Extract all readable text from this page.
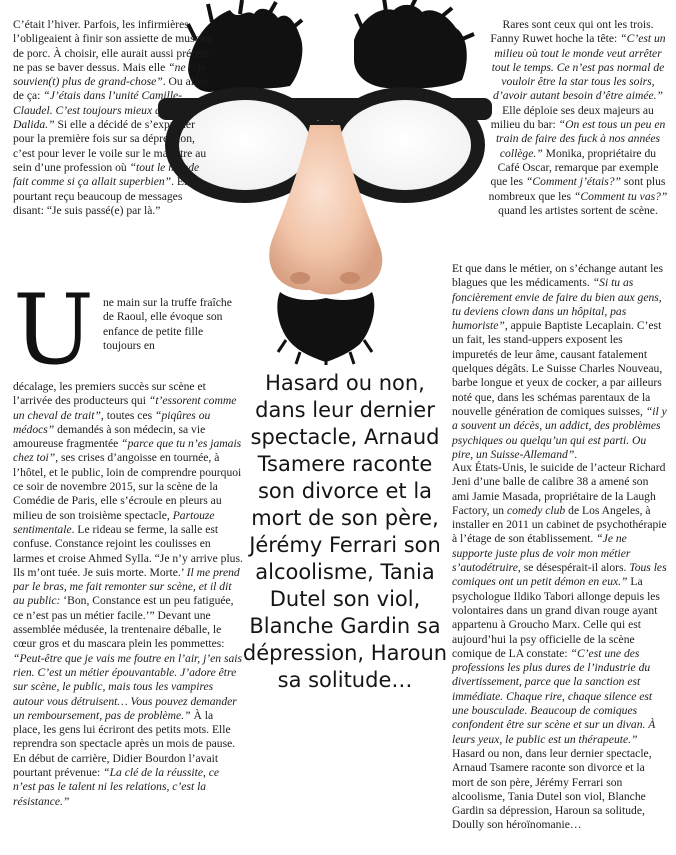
C’était l’hiver. Parfois, les infirmières l’obligeaient à finir son assiette de museau de porc. À choisir, elle aurait aussi préféré ne pas se baver dessus. Mais elle “ne (s)e souvien(t) plus de grand-chose”. Ou alors de ça: “J’étais dans l’unité Camille-Claudel. C’est toujours mieux que Dalida.” Si elle a décidé de s’exprimer pour la première fois sur sa dépression, c’est pour lever le voile sur le mal-être au sein d’une profession où “tout le monde fait comme si ça allait superbien”. Elle a pourtant reçu beaucoup de messages disant: “Je suis passé(e) par là.”

U ne main sur la truffe fraîche de Raoul, elle évoque son enfance de petite fille toujours en

décalage, les premiers succès sur scène et l’arrivée des producteurs qui “t’essorent comme un cheval de trait”, toutes ces “piqûres ou médocs” demandés à son médecin, sa vie amoureuse fragmentée “parce que tu n’es jamais chez toi”, ses crises d’angoisse en tournée, à l’hôtel, et le public, loin de comprendre pourquoi ce soir de novembre 2015, sur la scène de la Comédie de Paris, elle s’écroule en pleurs au milieu de son troisième spectacle, Partouze sentimentale. Le rideau se ferme, la salle est confuse. Constance rejoint les coulisses en larmes et croise Ahmed Sylla. “Je n’y arrive plus. Ils m’ont tuée. Je suis morte. Morte.’ Il me prend par le bras, me fait remonter sur scène, et il dit au public: ‘Bon, Constance est un peu fatiguée, ce n’est pas un métier facile.’” Devant une assemblée médusée, la trentenaire déballe, le cœur gros et du mascara plein les pommettes: “Peut-être que je vais me foutre en l’air, j’en sais rien. C’est un métier épouvantable. J’adore être sur scène, le public, mais tous les vampires autour vous détruisent… Vous pouvez demander un remboursement, pas de problème.” À la place, les gens lui écriront des petits mots. Elle reprendra son spectacle après un mois de pause. En début de carrière, Didier Bourdon l’avait pourtant prévenue: “La clé de la réussite, ce n’est pas le talent ni les relations, c’est la résistance.”

Hasard ou non, dans leur dernier spectacle, Arnaud Tsamere raconte son divorce et la mort de son père, Jérémy Ferrari son alcoolisme, Tania Dutel son viol, Blanche Gardin sa dépression, Haroun sa solitude…

Rares sont ceux qui ont les trois. Fanny Ruwet hoche la tête: “C’est un milieu où tout le monde veut arrêter tout le temps. Ce n’est pas normal de vouloir être la star tous les soirs, d’avoir autant besoin d’être aimée.” Elle déploie ses deux majeurs au milieu du bar: “On est tous un peu en train de faire des fuck à nos années collège.” Monika, propriétaire du Café Oscar, remarque par exemple que les “Comment j’étais?” sont plus nombreux que les “Comment tu vas?” quand les artistes sortent de scène.

Et que dans le métier, on s’échange autant les blagues que les médicaments. “Si tu as foncièrement envie de faire du bien aux gens, tu deviens clown dans un hôpital, pas humoriste”, appuie Baptiste Lecaplain. C’est un fait, les stand-uppers exposent les impuretés de leur âme, causant fatalement quelques dégâts. Le Suisse Charles Nouveau, barbe longue et yeux de cocker, a par ailleurs noté que, dans les schémas parentaux de la nouvelle génération de comiques suisses, “il y a souvent un décès, un addict, des problèmes psychiques ou quelqu’un qui est parti. Ou pire, un Suisse-Allemand”.

Aux États-Unis, le suicide de l’acteur Richard Jeni d’une balle de calibre 38 a amené son ami Jamie Masada, propriétaire de la Laugh Factory, un comedy club de Los Angeles, à installer en 2011 un cabinet de psychothérapie à l’étage de son établissement. “Je ne supporte juste plus de voir mon métier s’autodétruire, se désespérait-il alors. Tous les comiques ont un petit démon en eux.” La psychologue Ildiko Tabori allonge depuis les volontaires dans un grand divan rouge ayant appartenu à Groucho Marx. Celle qui est aujourd’hui la psy officielle de la scène comique de LA constate: “C’est une des professions les plus dures de l’industrie du divertissement, parce que la sanction est immédiate. Chaque rire, chaque silence est une bousculade. Beaucoup de comiques confondent être sur scène et sur un divan. À leurs yeux, le public est un thérapeute.” Hasard ou non, dans leur dernier spectacle, Arnaud Tsamere raconte son divorce et la mort de son père, Jérémy Ferrari son alcoolisme, Tania Dutel son viol, Blanche Gardin sa dépression, Haroun sa solitude, Doully son héroïnomanie…
